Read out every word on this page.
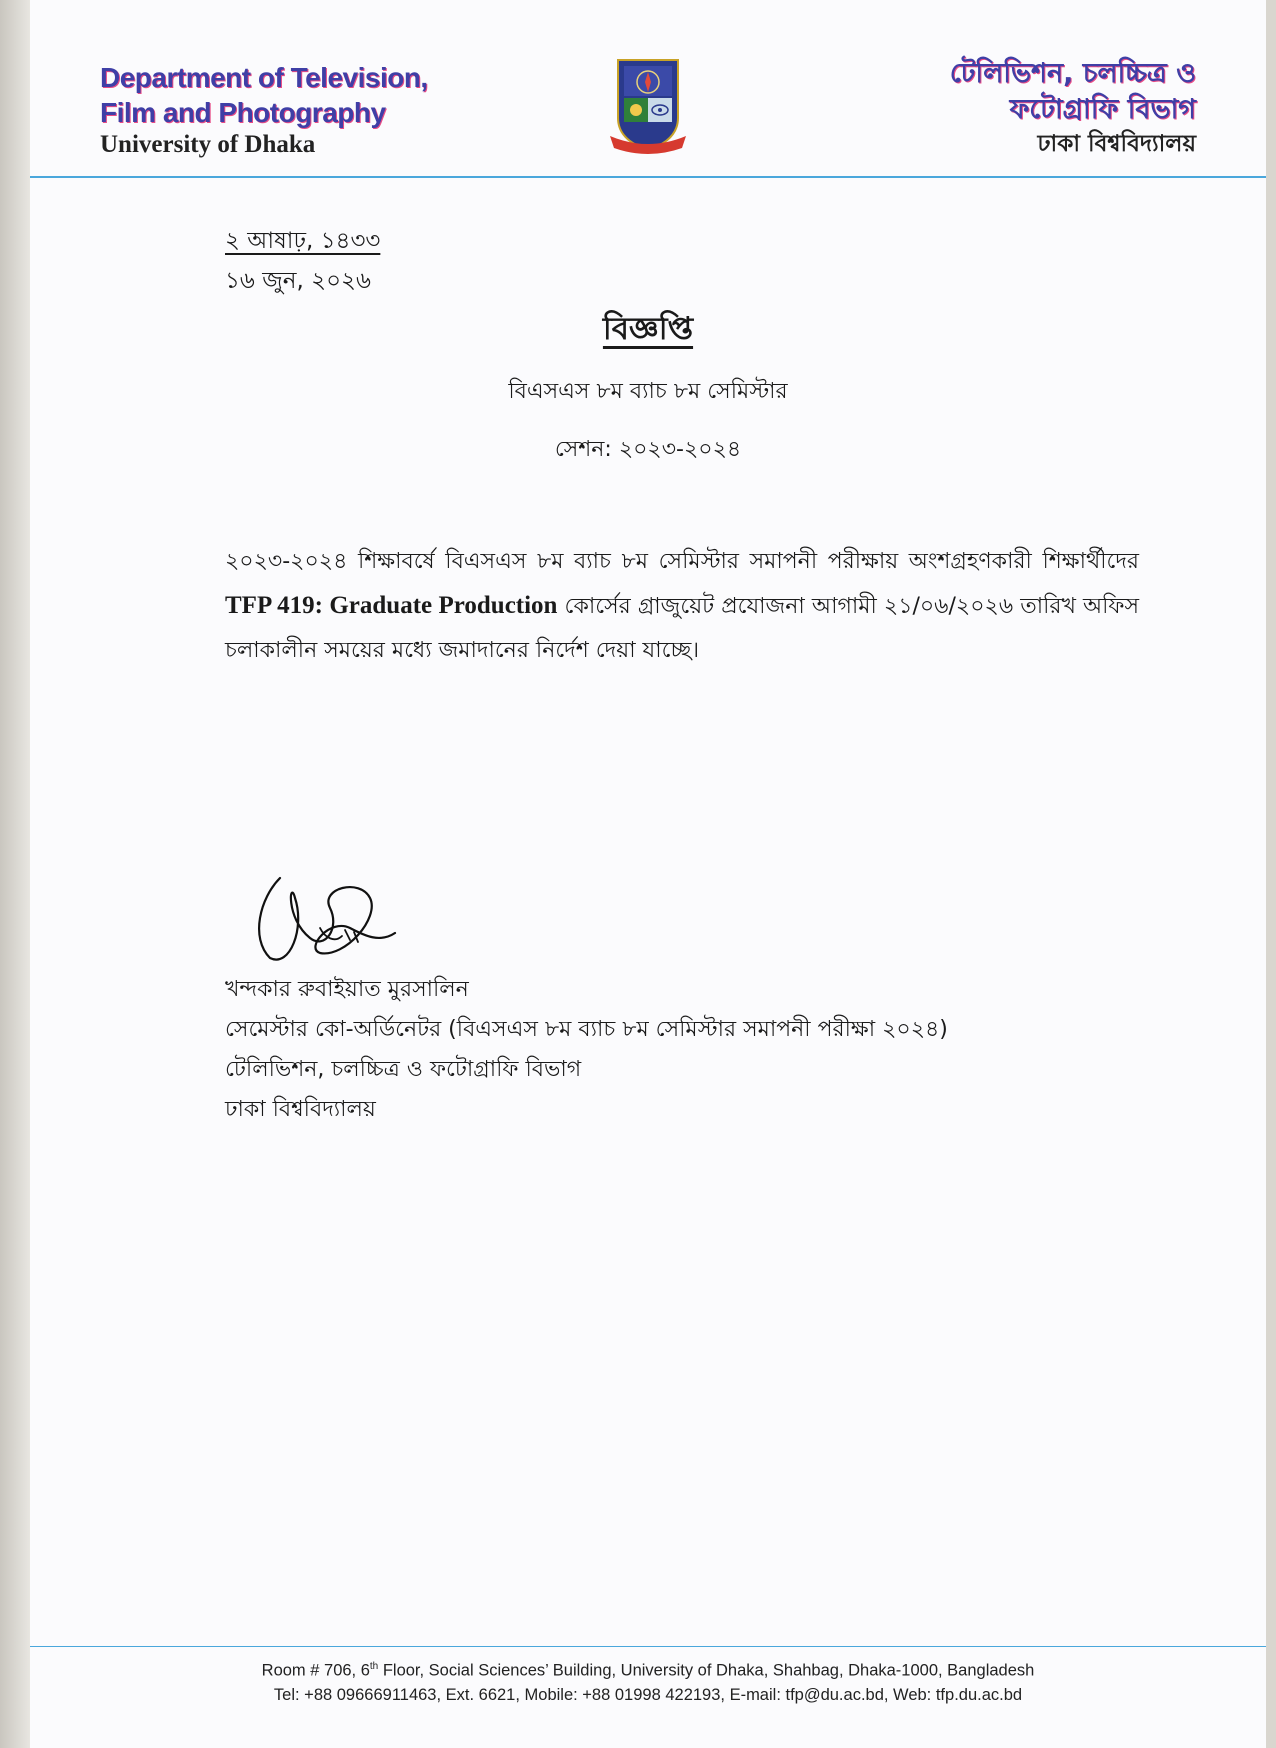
Department of Television,
Film and Photography
University of Dhaka
টেলিভিশন, চলচ্চিত্র ও
ফটোগ্রাফি বিভাগ
ঢাকা বিশ্ববিদ্যালয়
২ আষাঢ়, ১৪৩৩
১৬ জুন, ২০২৬
বিজ্ঞপ্তি
বিএসএস ৮ম ব্যাচ ৮ম সেমিস্টার
সেশন: ২০২৩-২০২৪
২০২৩-২০২৪ শিক্ষাবর্ষে বিএসএস ৮ম ব্যাচ ৮ম সেমিস্টার সমাপনী পরীক্ষায় অংশগ্রহণকারী শিক্ষার্থীদের TFP 419: Graduate Production কোর্সের গ্রাজুয়েট প্রযোজনা আগামী ২১/০৬/২০২৬ তারিখ অফিস চলাকালীন সময়ের মধ্যে জমাদানের নির্দেশ দেয়া যাচ্ছে।
খন্দকার রুবাইয়াত মুরসালিন
সেমেস্টার কো-অর্ডিনেটর (বিএসএস ৮ম ব্যাচ ৮ম সেমিস্টার সমাপনী পরীক্ষা ২০২৪)
টেলিভিশন, চলচ্চিত্র ও ফটোগ্রাফি বিভাগ
ঢাকা বিশ্ববিদ্যালয়
Room # 706, 6th Floor, Social Sciences’ Building, University of Dhaka, Shahbag, Dhaka-1000, Bangladesh
Tel: +88 09666911463, Ext. 6621, Mobile: +88 01998 422193, E-mail: tfp@du.ac.bd, Web: tfp.du.ac.bd
